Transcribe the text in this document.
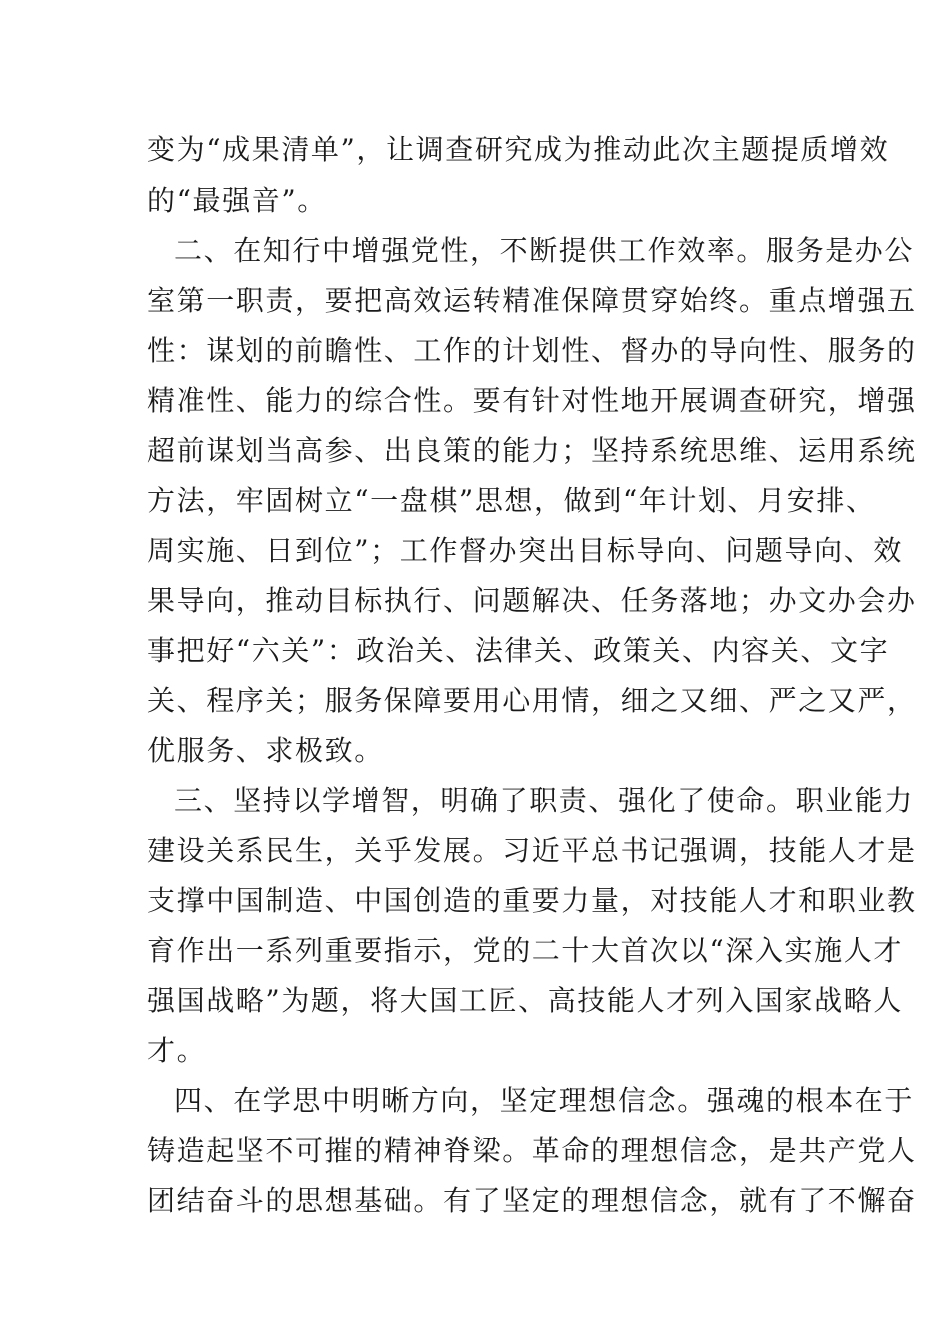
变为“成果清单”，让调查研究成为推动此次主题提质增效
的“最强音”。
二、在知行中增强党性，不断提供工作效率。服务是办公
室第一职责，要把高效运转精准保障贯穿始终。重点增强五
性：谋划的前瞻性、工作的计划性、督办的导向性、服务的
精准性、能力的综合性。要有针对性地开展调查研究，增强
超前谋划当高参、出良策的能力；坚持系统思维、运用系统
方法，牢固树立“一盘棋”思想，做到“年计划、月安排、
周实施、日到位”；工作督办突出目标导向、问题导向、效
果导向，推动目标执行、问题解决、任务落地；办文办会办
事把好“六关”：政治关、法律关、政策关、内容关、文字
关、程序关；服务保障要用心用情，细之又细、严之又严，
优服务、求极致。
三、坚持以学增智，明确了职责、强化了使命。职业能力
建设关系民生，关乎发展。习近平总书记强调，技能人才是
支撑中国制造、中国创造的重要力量，对技能人才和职业教
育作出一系列重要指示，党的二十大首次以“深入实施人才
强国战略”为题，将大国工匠、高技能人才列入国家战略人
才。
四、在学思中明晰方向，坚定理想信念。强魂的根本在于
铸造起坚不可摧的精神脊梁。革命的理想信念，是共产党人
团结奋斗的思想基础。有了坚定的理想信念，就有了不懈奋
